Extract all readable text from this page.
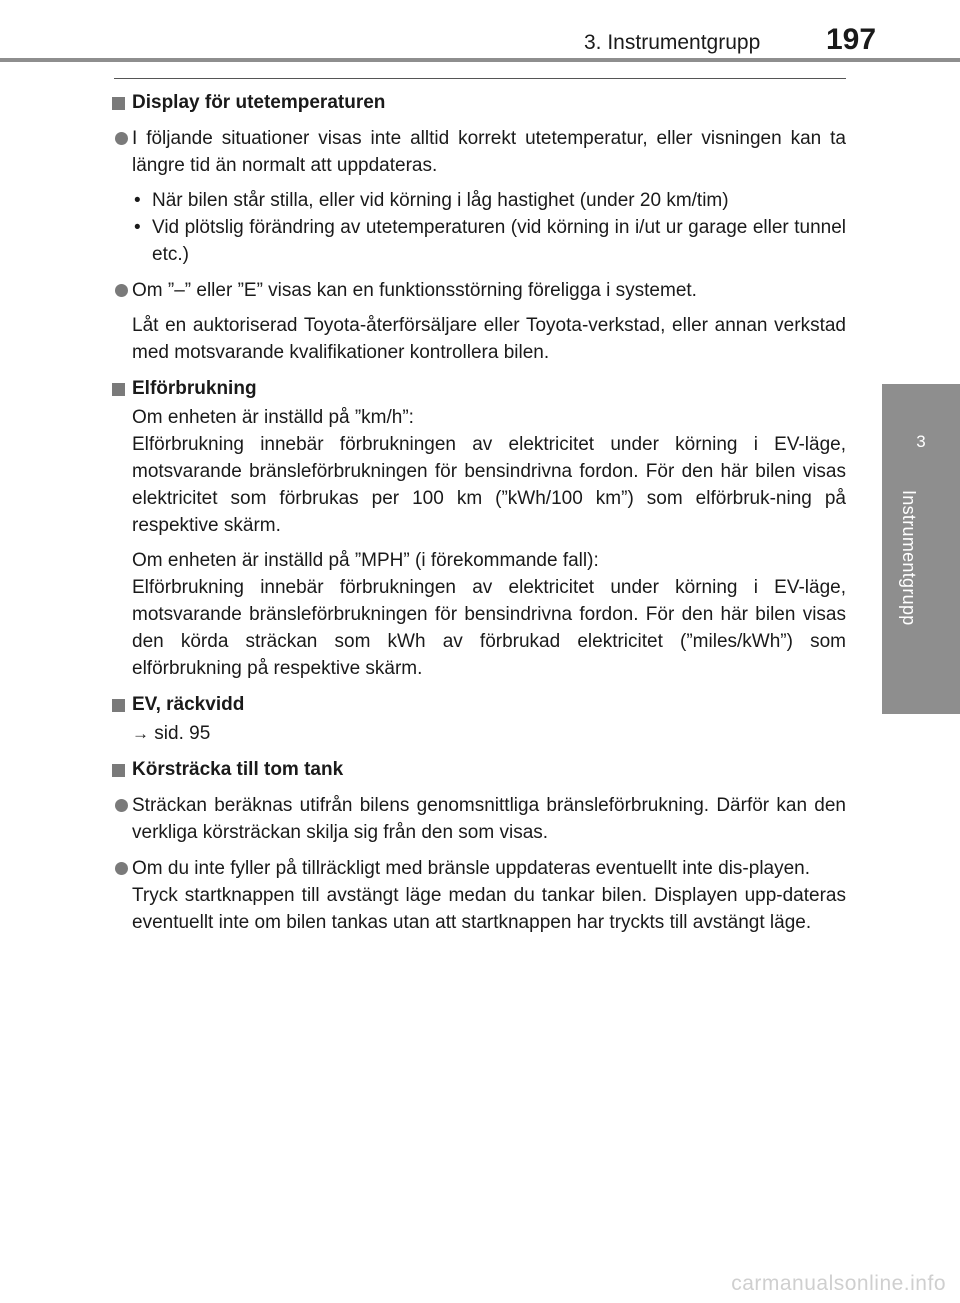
3. Instrumentgrupp 197
3
Instrumentgrupp
Display för utetemperaturen
I följande situationer visas inte alltid korrekt utetemperatur, eller visningen kan ta längre tid än normalt att uppdateras.
• När bilen står stilla, eller vid körning i låg hastighet (under 20 km/tim)
• Vid plötslig förändring av utetemperaturen (vid körning in i/ut ur garage eller tunnel etc.)
Om ”–” eller ”E” visas kan en funktionsstörning föreligga i systemet.
Låt en auktoriserad Toyota-återförsäljare eller Toyota-verkstad, eller annan verkstad med motsvarande kvalifikationer kontrollera bilen.
Elförbrukning
Om enheten är inställd på ”km/h”:
Elförbrukning innebär förbrukningen av elektricitet under körning i EV-läge, motsvarande bränsleförbrukningen för bensindrivna fordon. För den här bilen visas elektricitet som förbrukas per 100 km (”kWh/100 km”) som elförbruk-ning på respektive skärm.
Om enheten är inställd på ”MPH” (i förekommande fall):
Elförbrukning innebär förbrukningen av elektricitet under körning i EV-läge, motsvarande bränsleförbrukningen för bensindrivna fordon. För den här bilen visas den körda sträckan som kWh av förbrukad elektricitet (”miles/kWh”) som elförbrukning på respektive skärm.
EV, räckvidd
→ sid. 95
Körsträcka till tom tank
Sträckan beräknas utifrån bilens genomsnittliga bränsleförbrukning. Därför kan den verkliga körsträckan skilja sig från den som visas.
Om du inte fyller på tillräckligt med bränsle uppdateras eventuellt inte dis-playen.
Tryck startknappen till avstängt läge medan du tankar bilen. Displayen upp-dateras eventuellt inte om bilen tankas utan att startknappen har tryckts till avstängt läge.
carmanualsonline.info
